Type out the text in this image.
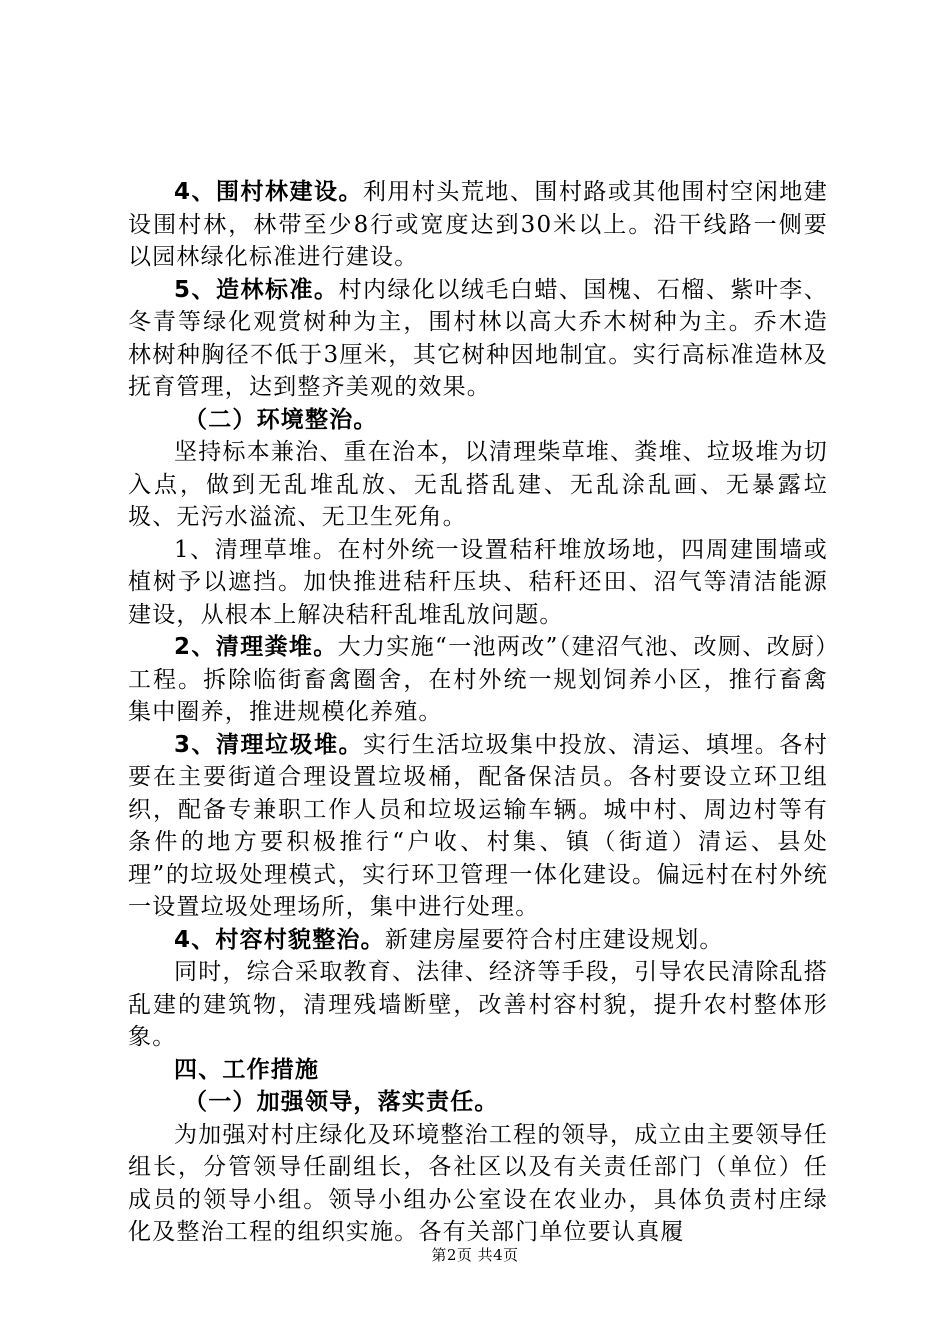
4、围村林建设。利用村头荒地、围村路或其他围村空闲地建设围村林，林带至少8行或宽度达到30米以上。沿干线路一侧要以园林绿化标准进行建设。

5、造林标准。村内绿化以绒毛白蜡、国槐、石榴、紫叶李、冬青等绿化观赏树种为主，围村林以高大乔木树种为主。乔木造林树种胸径不低于3厘米，其它树种因地制宜。实行高标准造林及抚育管理，达到整齐美观的效果。

（二）环境整治。

坚持标本兼治、重在治本，以清理柴草堆、粪堆、垃圾堆为切入点，做到无乱堆乱放、无乱搭乱建、无乱涂乱画、无暴露垃圾、无污水溢流、无卫生死角。

1、清理草堆。在村外统一设置秸秆堆放场地，四周建围墙或植树予以遮挡。加快推进秸秆压块、秸秆还田、沼气等清洁能源建设，从根本上解决秸秆乱堆乱放问题。

2、清理粪堆。大力实施“一池两改”（建沼气池、改厕、改厨）工程。拆除临街畜禽圈舍，在村外统一规划饲养小区，推行畜禽集中圈养，推进规模化养殖。

3、清理垃圾堆。实行生活垃圾集中投放、清运、填埋。各村要在主要街道合理设置垃圾桶，配备保洁员。各村要设立环卫组织，配备专兼职工作人员和垃圾运输车辆。城中村、周边村等有条件的地方要积极推行“户收、村集、镇（街道）清运、县处理”的垃圾处理模式，实行环卫管理一体化建设。偏远村在村外统一设置垃圾处理场所，集中进行处理。

4、村容村貌整治。新建房屋要符合村庄建设规划。

同时，综合采取教育、法律、经济等手段，引导农民清除乱搭乱建的建筑物，清理残墙断壁，改善村容村貌，提升农村整体形象。

四、工作措施

（一）加强领导，落实责任。

为加强对村庄绿化及环境整治工程的领导，成立由主要领导任组长，分管领导任副组长，各社区以及有关责任部门（单位）任成员的领导小组。领导小组办公室设在农业办，具体负责村庄绿化及整治工程的组织实施。各有关部门单位要认真履

第2页 共4页
